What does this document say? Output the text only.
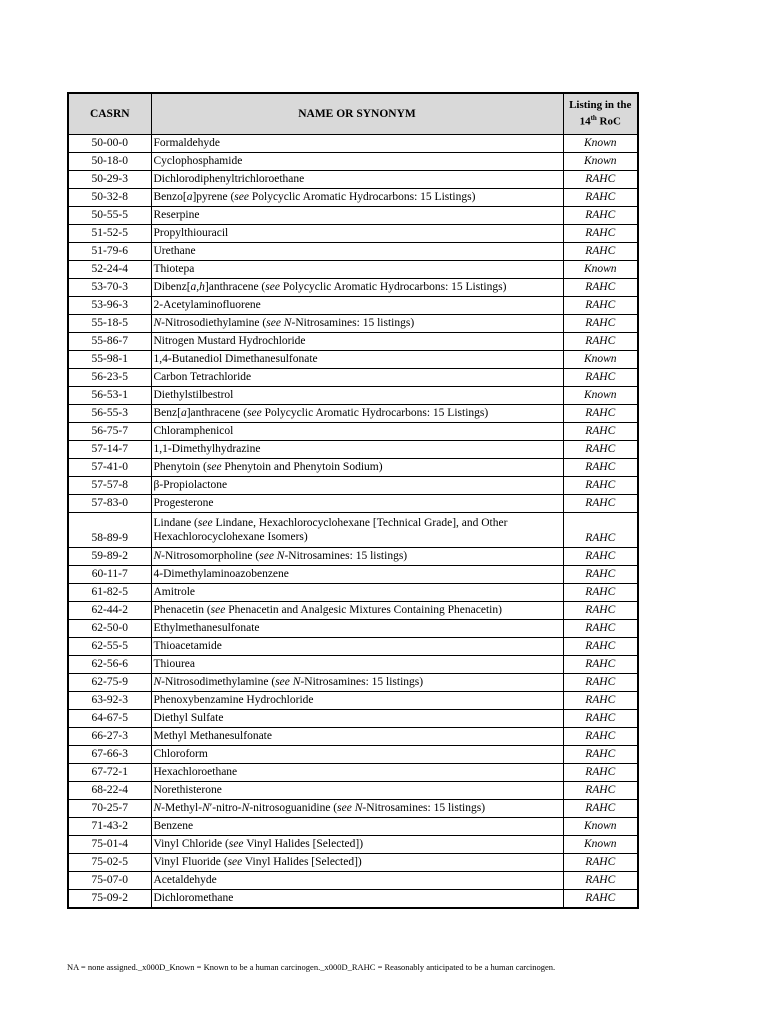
CASRN	NAME OR SYNONYM	Listing in the
14th RoC
50-00-0	Formaldehyde	Known
50-18-0	Cyclophosphamide	Known
50-29-3	Dichlorodiphenyltrichloroethane	RAHC
50-32-8	Benzo[a]pyrene (see Polycyclic Aromatic Hydrocarbons: 15 Listings)	RAHC
50-55-5	Reserpine	RAHC
51-52-5	Propylthiouracil	RAHC
51-79-6	Urethane	RAHC
52-24-4	Thiotepa	Known
53-70-3	Dibenz[a,h]anthracene (see Polycyclic Aromatic Hydrocarbons: 15 Listings)	RAHC
53-96-3	2-Acetylaminofluorene	RAHC
55-18-5	N-Nitrosodiethylamine (see N-Nitrosamines: 15 listings)	RAHC
55-86-7	Nitrogen Mustard Hydrochloride	RAHC
55-98-1	1,4-Butanediol Dimethanesulfonate	Known
56-23-5	Carbon Tetrachloride	RAHC
56-53-1	Diethylstilbestrol	Known
56-55-3	Benz[a]anthracene (see Polycyclic Aromatic Hydrocarbons: 15 Listings)	RAHC
56-75-7	Chloramphenicol	RAHC
57-14-7	1,1-Dimethylhydrazine	RAHC
57-41-0	Phenytoin (see Phenytoin and Phenytoin Sodium)	RAHC
57-57-8	β-Propiolactone	RAHC
57-83-0	Progesterone	RAHC
58-89-9	Lindane (see Lindane, Hexachlorocyclohexane [Technical Grade], and Other Hexachlorocyclohexane Isomers)	RAHC
59-89-2	N-Nitrosomorpholine (see N-Nitrosamines: 15 listings)	RAHC
60-11-7	4-Dimethylaminoazobenzene	RAHC
61-82-5	Amitrole	RAHC
62-44-2	Phenacetin (see Phenacetin and Analgesic Mixtures Containing Phenacetin)	RAHC
62-50-0	Ethylmethanesulfonate	RAHC
62-55-5	Thioacetamide	RAHC
62-56-6	Thiourea	RAHC
62-75-9	N-Nitrosodimethylamine (see N-Nitrosamines: 15 listings)	RAHC
63-92-3	Phenoxybenzamine Hydrochloride	RAHC
64-67-5	Diethyl Sulfate	RAHC
66-27-3	Methyl Methanesulfonate	RAHC
67-66-3	Chloroform	RAHC
67-72-1	Hexachloroethane	RAHC
68-22-4	Norethisterone	RAHC
70-25-7	N-Methyl-N′-nitro-N-nitrosoguanidine (see N-Nitrosamines: 15 listings)	RAHC
71-43-2	Benzene	Known
75-01-4	Vinyl Chloride (see Vinyl Halides [Selected])	Known
75-02-5	Vinyl Fluoride (see Vinyl Halides [Selected])	RAHC
75-07-0	Acetaldehyde	RAHC
75-09-2	Dichloromethane	RAHC
NA = none assigned._x000D_Known = Known to be a human carcinogen._x000D_RAHC = Reasonably anticipated to be a human carcinogen.
